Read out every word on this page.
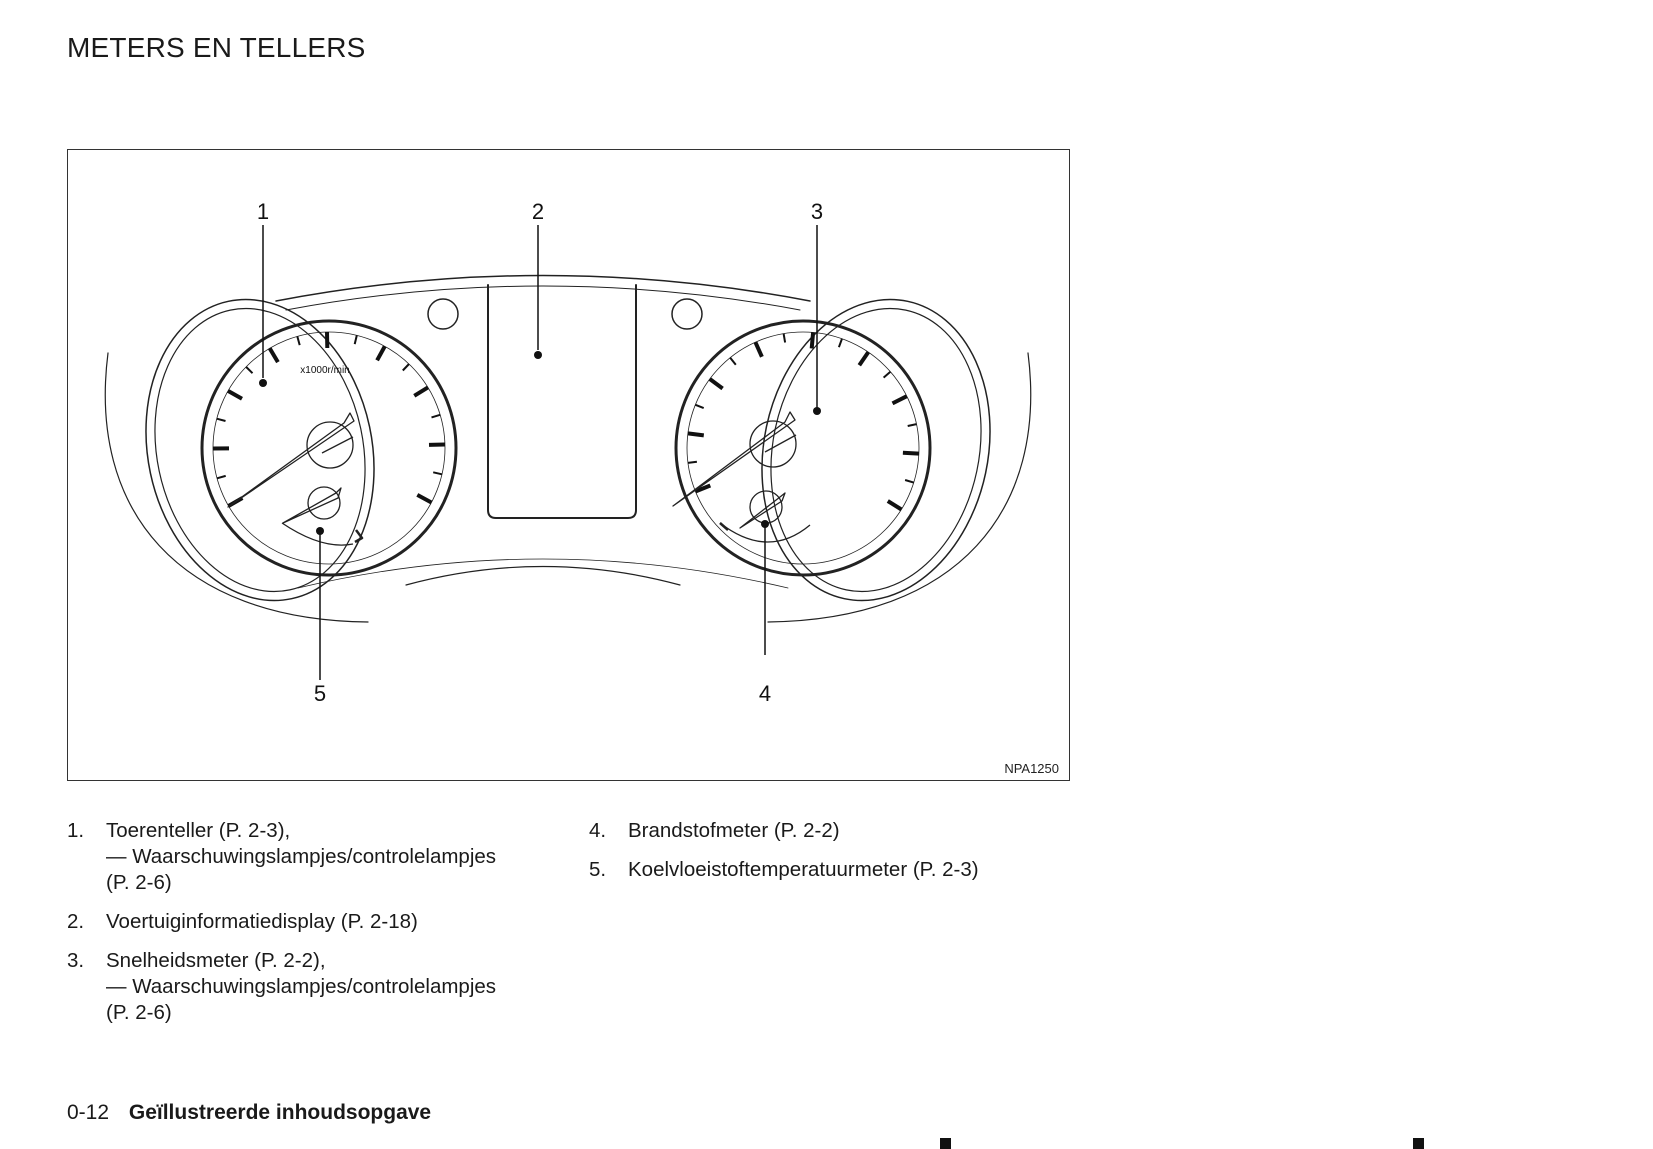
METERS EN TELLERS
x1000r/min
1	2	3
4
5
NPA1250
1. Toerenteller (P. 2-3),
— Waarschuwingslampjes/controlelampjes
(P. 2-6)
2. Voertuiginformatiedisplay (P. 2-18)
3. Snelheidsmeter (P. 2-2),
— Waarschuwingslampjes/controlelampjes
(P. 2-6)
4. Brandstofmeter (P. 2-2)
5. Koelvloeistoftemperatuurmeter (P. 2-3)
0-12 Geïllustreerde inhoudsopgave
